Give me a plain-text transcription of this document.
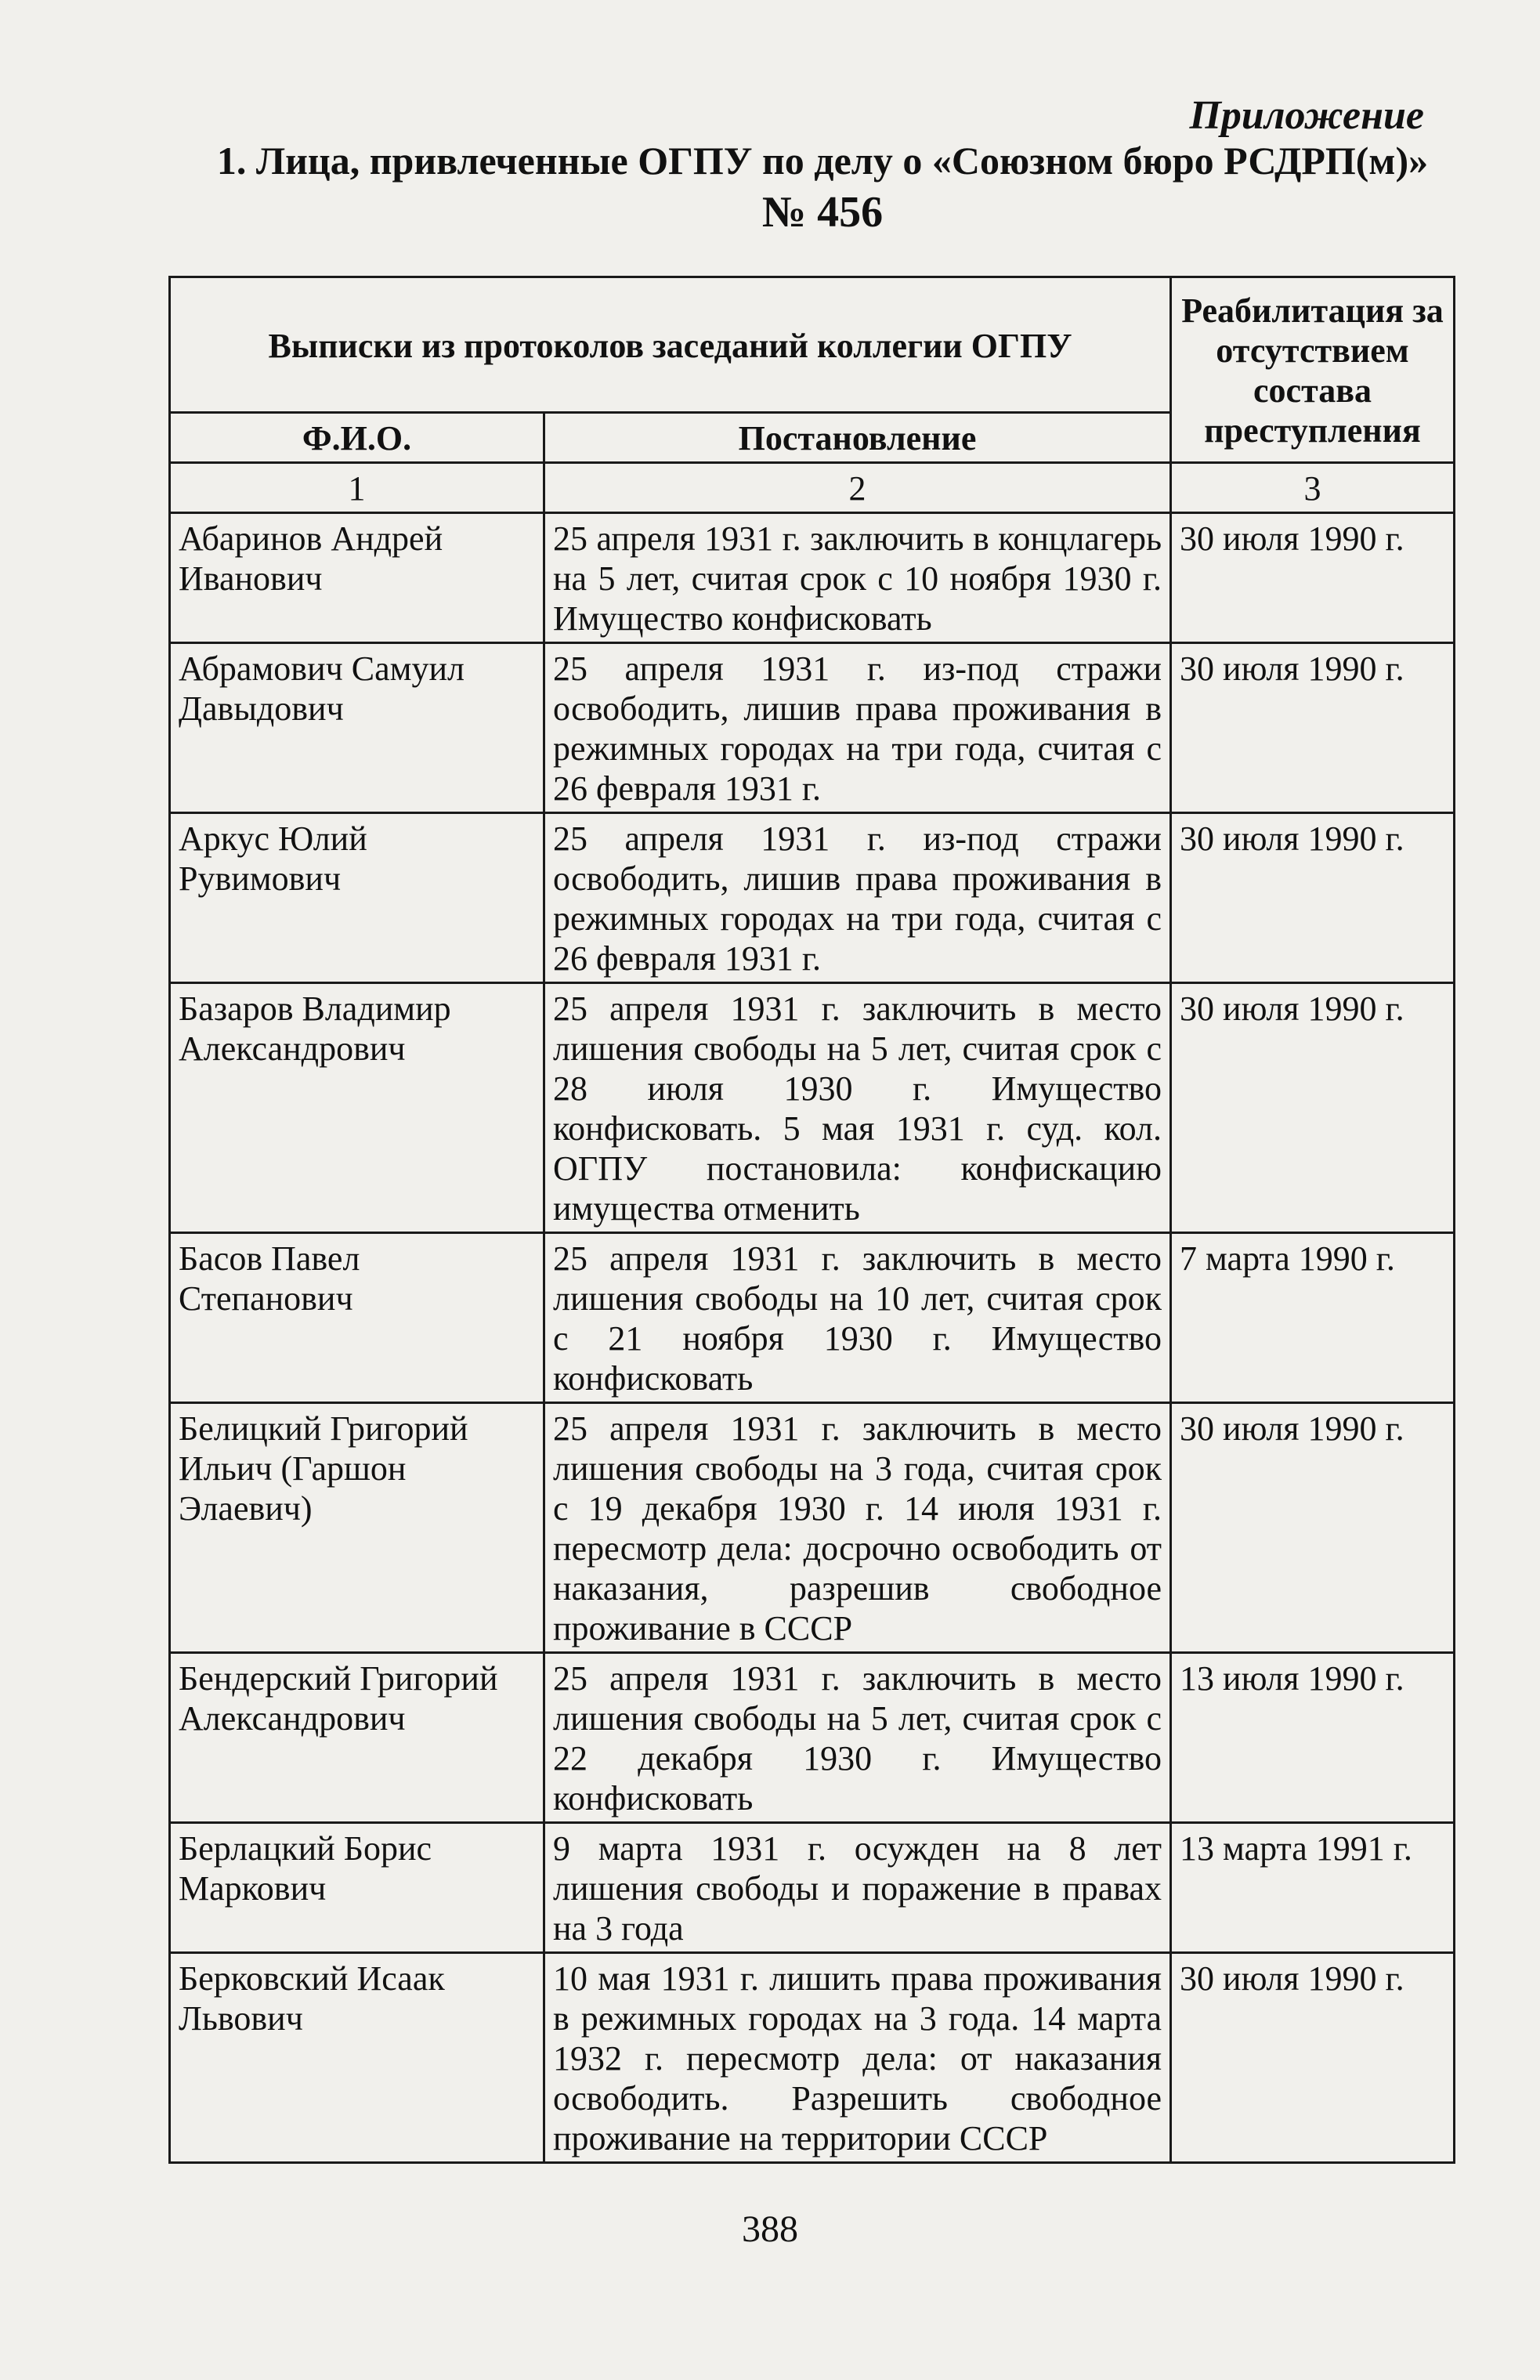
Приложение
1. Лица, привлеченные ОГПУ по делу о «Союзном бюро РСДРП(м)»
№ 456
Выписки из протоколов заседаний коллегии ОГПУ		Реабилитация за отсутствием состава преступления
Ф.И.О.	Постановление	
1	2	3
Абаринов Андрей Иванович	25 апреля 1931 г. заключить в концлагерь на 5 лет, считая срок с 10 ноября 1930 г. Имущество конфисковать	30 июля 1990 г.
Абрамович Самуил Давыдович	25 апреля 1931 г. из-под стражи освободить, лишив права проживания в режимных городах на три года, считая с 26 февраля 1931 г.	30 июля 1990 г.
Аркус Юлий Рувимович	25 апреля 1931 г. из-под стражи освободить, лишив права проживания в режимных городах на три года, считая с 26 февраля 1931 г.	30 июля 1990 г.
Базаров Владимир Александрович	25 апреля 1931 г. заключить в место лишения свободы на 5 лет, считая срок с 28 июля 1930 г. Имущество конфисковать. 5 мая 1931 г. суд. кол. ОГПУ постановила: конфискацию имущества отменить	30 июля 1990 г.
Басов Павел Степанович	25 апреля 1931 г. заключить в место лишения свободы на 10 лет, считая срок с 21 ноября 1930 г. Имущество конфисковать	7 марта 1990 г.
Белицкий Григорий Ильич (Гаршон Элаевич)	25 апреля 1931 г. заключить в место лишения свободы на 3 года, считая срок с 19 декабря 1930 г. 14 июля 1931 г. пересмотр дела: досрочно освободить от наказания, разрешив свободное проживание в СССР	30 июля 1990 г.
Бендерский Григорий Александрович	25 апреля 1931 г. заключить в место лишения свободы на 5 лет, считая срок с 22 декабря 1930 г. Имущество конфисковать	13 июля 1990 г.
Берлацкий Борис Маркович	9 марта 1931 г. осужден на 8 лет лишения свободы и поражение в правах на 3 года	13 марта 1991 г.
Берковский Исаак Львович	10 мая 1931 г. лишить права проживания в режимных городах на 3 года. 14 марта 1932 г. пересмотр дела: от наказания освободить. Разрешить свободное проживание на территории СССР	30 июля 1990 г.
388
